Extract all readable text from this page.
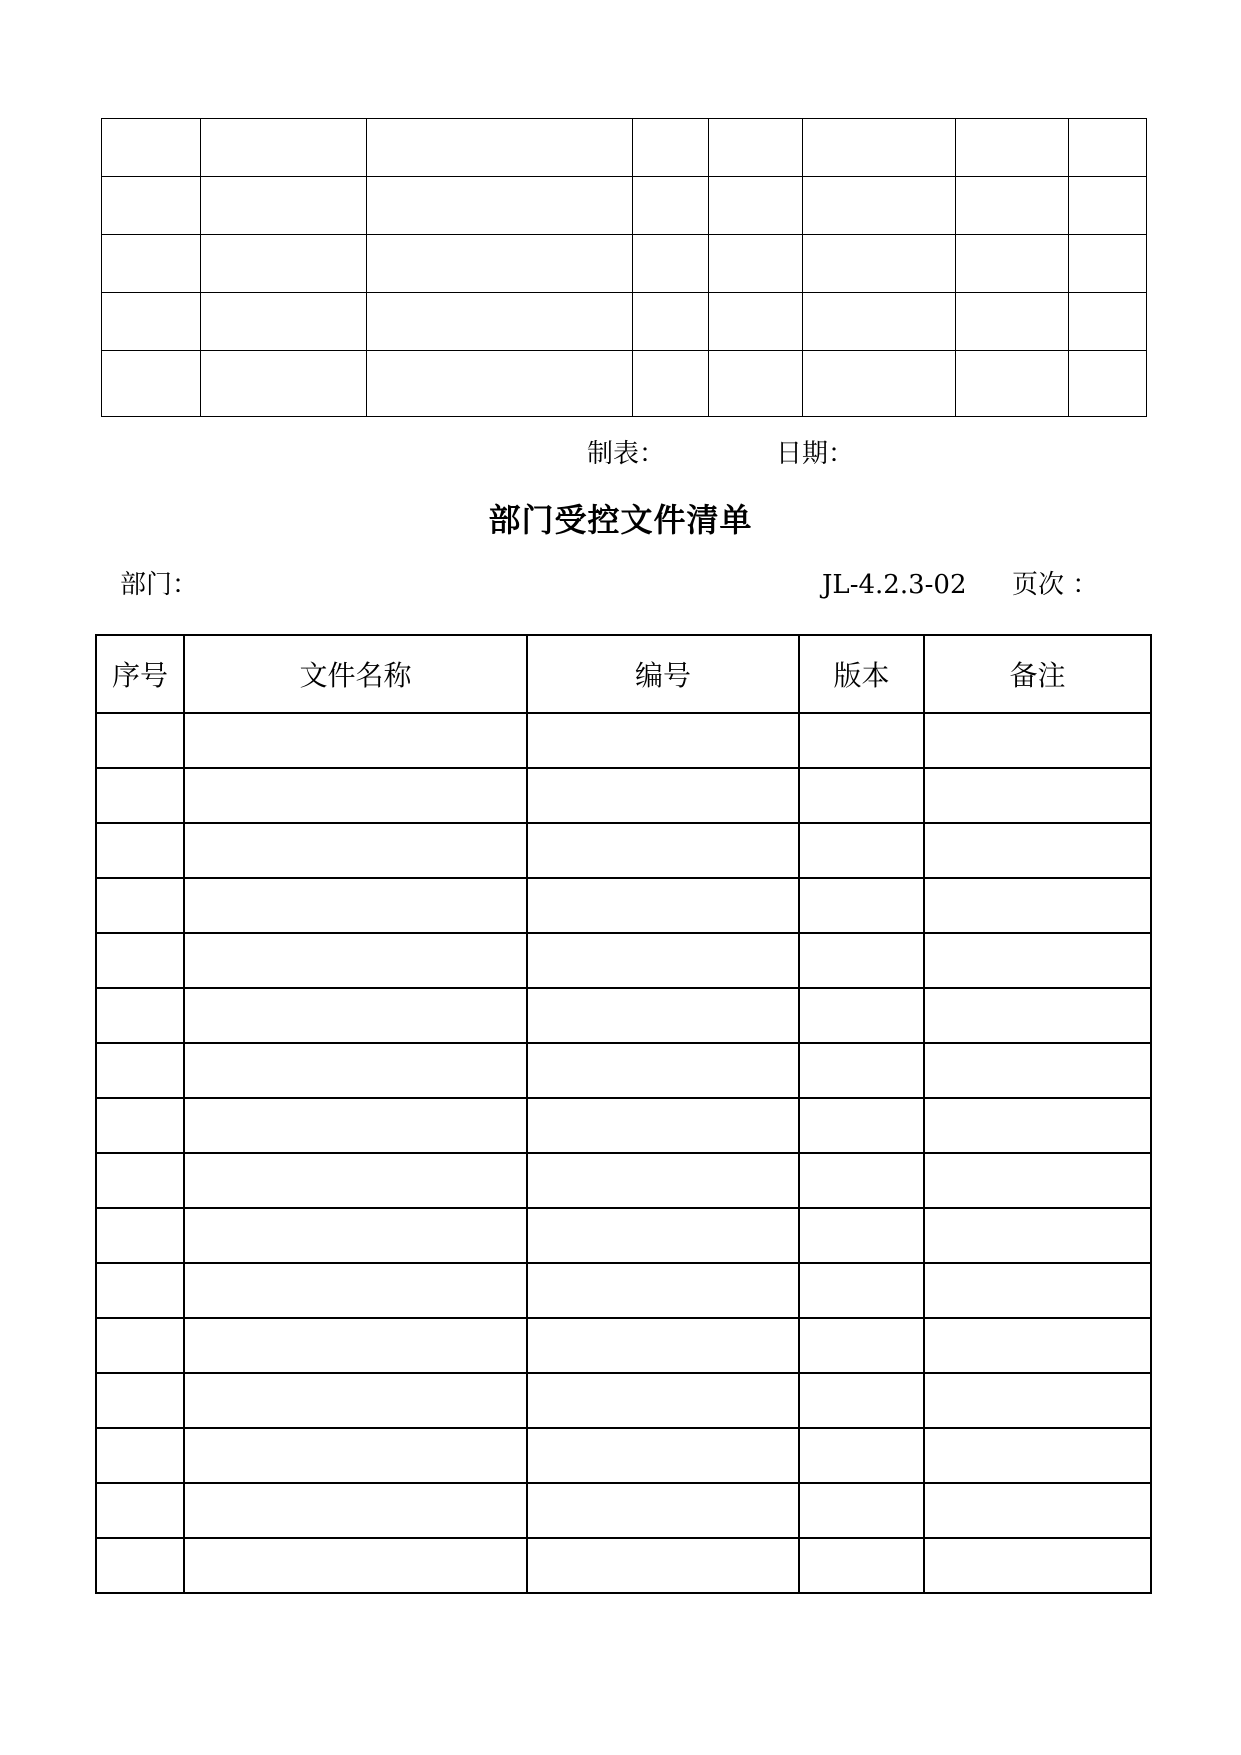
制表：	日期：
部门受控文件清单
部门：	JL-4.2.3-02 页次 ：
序号	文件名称	编号	版本	备注
